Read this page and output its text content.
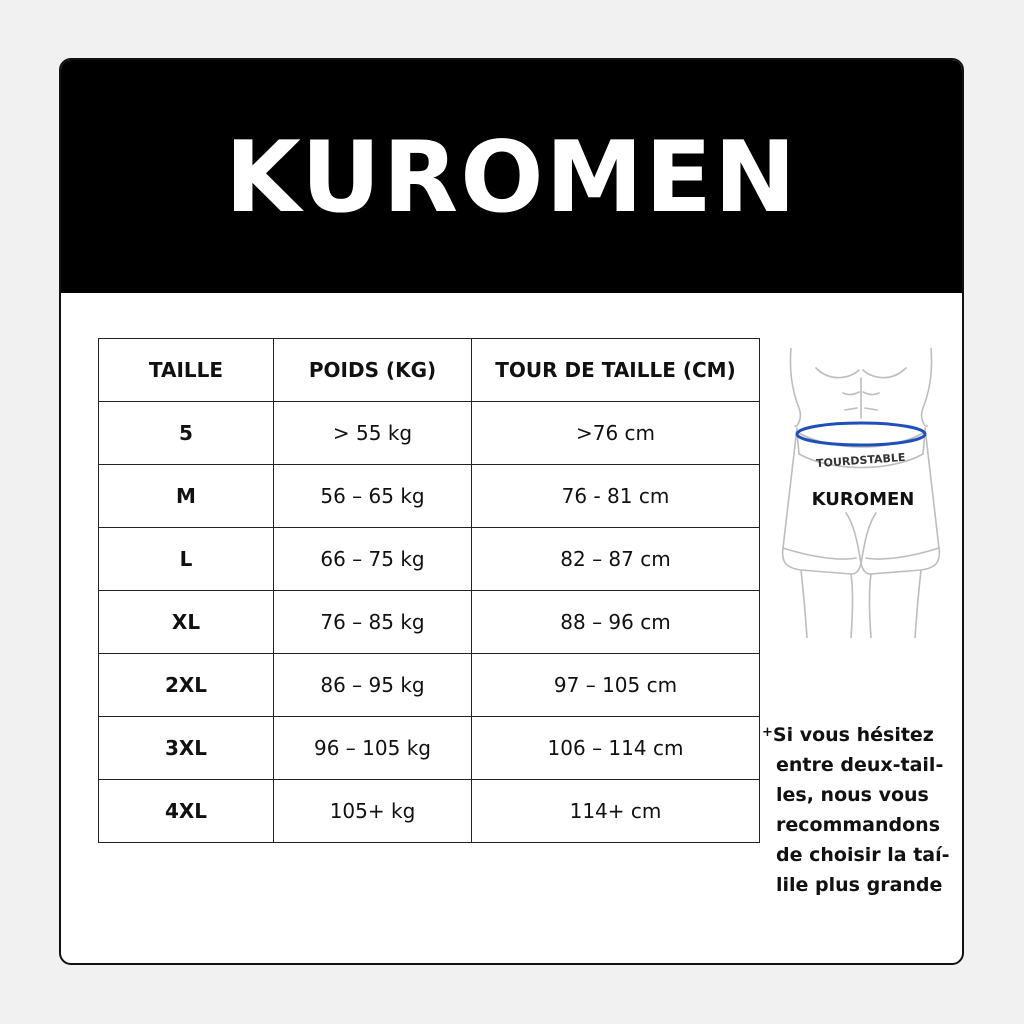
KUROMEN
TAILLE	POIDS (KG)	TOUR DE TAILLE (CM)
5	> 55 kg	>76 cm
M	56 – 65 kg	76 - 81 cm
L	66 – 75 kg	82 – 87 cm
XL	76 – 85 kg	88 – 96 cm
2XL	86 – 95 kg	97 – 105 cm
3XL	96 – 105 kg	106 – 114 cm
4XL	105+ kg	114+ cm
TOURDSTABLE
KUROMEN
+Si vous hésitez
entre deux-tail-
les, nous vous
recommandons
de choisir la taí-
lile plus grande
